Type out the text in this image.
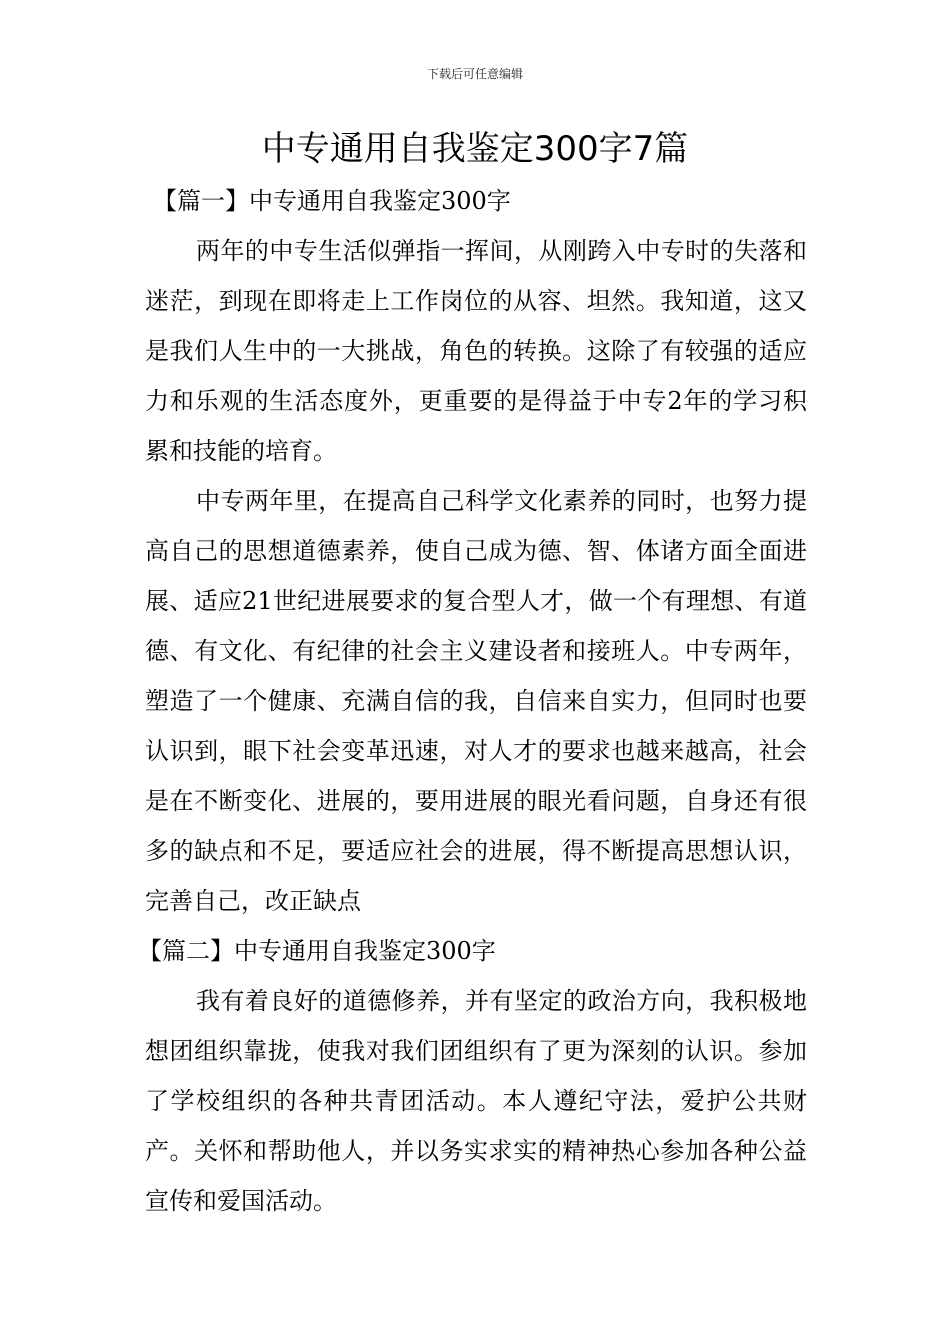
下载后可任意编辑
中专通用自我鉴定300字7篇

【篇一】中专通用自我鉴定300字

两年的中专生活似弹指一挥间，从刚跨入中专时的失落和迷茫，到现在即将走上工作岗位的从容、坦然。我知道，这又是我们人生中的一大挑战，角色的转换。这除了有较强的适应力和乐观的生活态度外，更重要的是得益于中专2年的学习积累和技能的培育。

中专两年里，在提高自己科学文化素养的同时，也努力提高自己的思想道德素养，使自己成为德、智、体诸方面全面进展、适应21世纪进展要求的复合型人才，做一个有理想、有道德、有文化、有纪律的社会主义建设者和接班人。中专两年，塑造了一个健康、充满自信的我，自信来自实力，但同时也要认识到，眼下社会变革迅速，对人才的要求也越来越高，社会是在不断变化、进展的，要用进展的眼光看问题，自身还有很多的缺点和不足，要适应社会的进展，得不断提高思想认识，完善自己，改正缺点

【篇二】中专通用自我鉴定300字

我有着良好的道德修养，并有坚定的政治方向，我积极地想团组织靠拢，使我对我们团组织有了更为深刻的认识。参加了学校组织的各种共青团活动。本人遵纪守法，爱护公共财产。关怀和帮助他人，并以务实求实的精神热心参加各种公益宣传和爱国活动。
